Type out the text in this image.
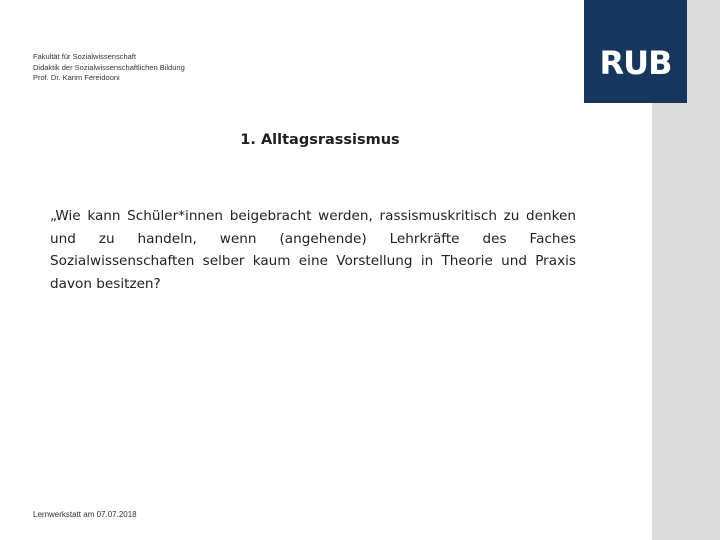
RUB
Fakultät für Sozialwissenschaft
Didaktik der Sozialwissenschaftlichen Bildung
Prof. Dr. Karim Fereidooni
1. Alltagsrassismus
„Wie kann Schüler*innen beigebracht werden, rassismuskritisch zu denken und zu handeln, wenn (angehende) Lehrkräfte des Faches Sozialwissenschaften selber kaum eine Vorstellung in Theorie und Praxis davon besitzen?
Lernwerkstatt am 07.07.2018
